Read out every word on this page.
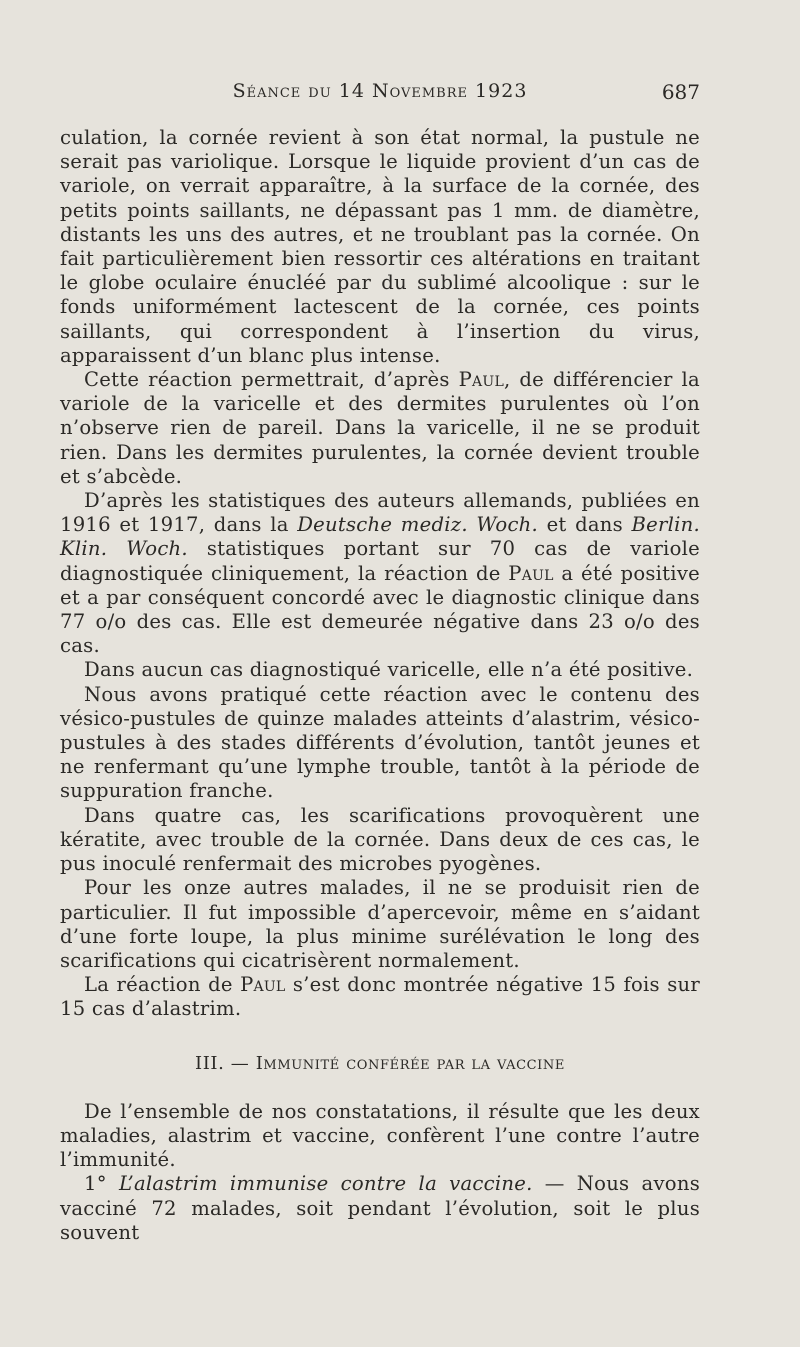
Séance du 14 Novembre 1923	687

culation, la cornée revient à son état normal, la pustule ne serait pas variolique. Lorsque le liquide provient d’un cas de variole, on verrait apparaître, à la surface de la cornée, des petits points saillants, ne dépassant pas 1 mm. de diamètre, distants les uns des autres, et ne troublant pas la cornée. On fait particulièrement bien ressortir ces altérations en traitant le globe oculaire énucléé par du sublimé alcoolique : sur le fonds uniformément lactescent de la cornée, ces points saillants, qui correspondent à l’insertion du virus, apparaissent d’un blanc plus intense.

Cette réaction permettrait, d’après Paul, de différencier la variole de la varicelle et des dermites purulentes où l’on n’observe rien de pareil. Dans la varicelle, il ne se produit rien. Dans les dermites purulentes, la cornée devient trouble et s’abcède.

D’après les statistiques des auteurs allemands, publiées en 1916 et 1917, dans la Deutsche mediz. Woch. et dans Berlin. Klin. Woch. statistiques portant sur 70 cas de variole diagnostiquée cliniquement, la réaction de Paul a été positive et a par conséquent concordé avec le diagnostic clinique dans 77 o/o des cas. Elle est demeurée négative dans 23 o/o des cas.

Dans aucun cas diagnostiqué varicelle, elle n’a été positive.

Nous avons pratiqué cette réaction avec le contenu des vésico-pustules de quinze malades atteints d’alastrim, vésico-pustules à des stades différents d’évolution, tantôt jeunes et ne renfermant qu’une lymphe trouble, tantôt à la période de suppuration franche.

Dans quatre cas, les scarifications provoquèrent une kératite, avec trouble de la cornée. Dans deux de ces cas, le pus inoculé renfermait des microbes pyogènes.

Pour les onze autres malades, il ne se produisit rien de particulier. Il fut impossible d’apercevoir, même en s’aidant d’une forte loupe, la plus minime surélévation le long des scarifications qui cicatrisèrent normalement.

La réaction de Paul s’est donc montrée négative 15 fois sur 15 cas d’alastrim.

III. — Immunité conférée par la vaccine

De l’ensemble de nos constatations, il résulte que les deux maladies, alastrim et vaccine, confèrent l’une contre l’autre l’immunité.

1° L’alastrim immunise contre la vaccine. — Nous avons vacciné 72 malades, soit pendant l’évolution, soit le plus souvent
